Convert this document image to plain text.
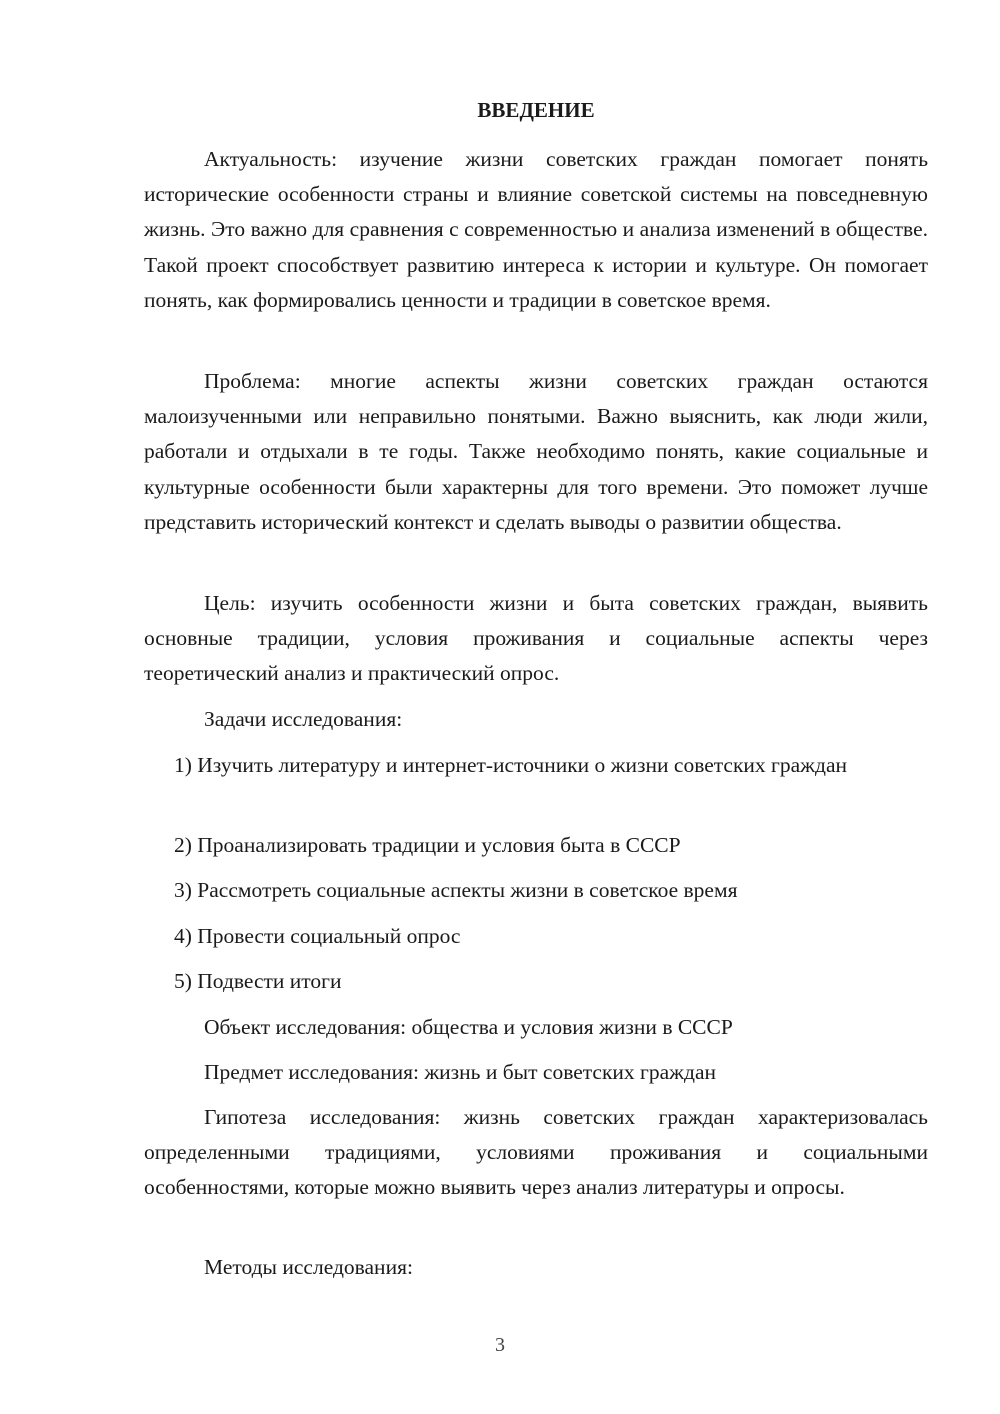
ВВЕДЕНИЕ

Актуальность: изучение жизни советских граждан помогает понять исторические особенности страны и влияние советской системы на повседневную жизнь. Это важно для сравнения с современностью и анализа изменений в обществе. Такой проект способствует развитию интереса к истории и культуре. Он помогает понять, как формировались ценности и традиции в советское время.

Проблема: многие аспекты жизни советских граждан остаются малоизученными или неправильно понятыми. Важно выяснить, как люди жили, работали и отдыхали в те годы. Также необходимо понять, какие социальные и культурные особенности были характерны для того времени. Это поможет лучше представить исторический контекст и сделать выводы о развитии общества.

Цель: изучить особенности жизни и быта советских граждан, выявить основные традиции, условия проживания и социальные аспекты через теоретический анализ и практический опрос.

Задачи исследования:

1) Изучить литературу и интернет-источники о жизни советских граждан

2) Проанализировать традиции и условия быта в СССР

3) Рассмотреть социальные аспекты жизни в советское время

4) Провести социальный опрос

5) Подвести итоги

Объект исследования: общества и условия жизни в СССР

Предмет исследования: жизнь и быт советских граждан

Гипотеза исследования: жизнь советских граждан характеризовалась определенными традициями, условиями проживания и социальными особенностями, которые можно выявить через анализ литературы и опросы.

Методы исследования:

3
